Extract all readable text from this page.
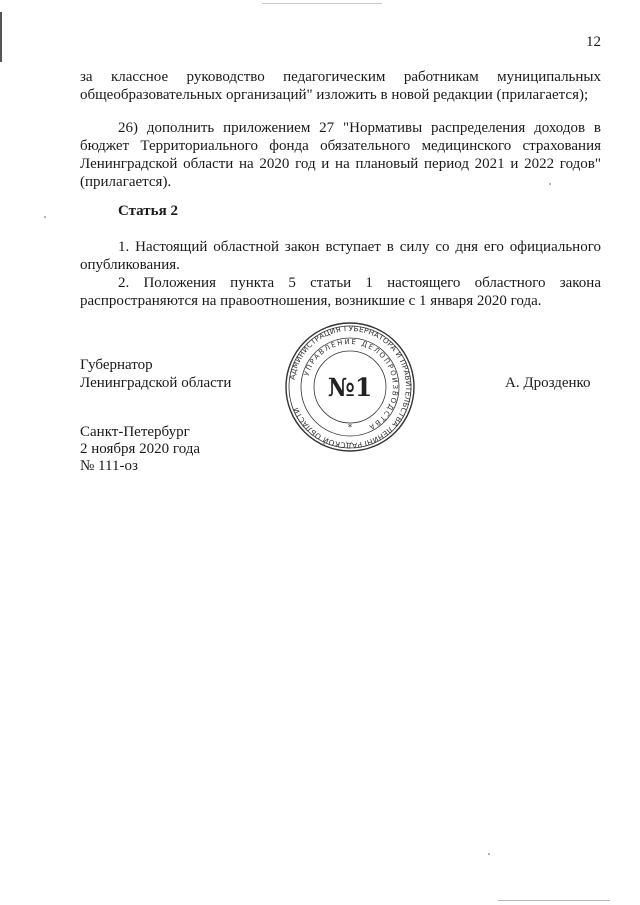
12

за классное руководство педагогическим работникам муниципальных общеобразовательных организаций" изложить в новой редакции (прилагается);

26) дополнить приложением 27 "Нормативы распределения доходов в бюджет Территориального фонда обязательного медицинского страхования Ленинградской области на 2020 год и на плановый период 2021 и 2022 годов" (прилагается).

Статья 2

1. Настоящий областной закон вступает в силу со дня его официального опубликования.

2. Положения пункта 5 статьи 1 настоящего областного закона распространяются на правоотношения, возникшие с 1 января 2020 года.

Губернатор
Ленинградской области	А. Дрозденко
Санкт-Петербург
2 ноября 2020 года
№ 111-оз
АДМИНИСТРАЦИЯ ГУБЕРНАТОРА И ПРАВИТЕЛЬСТВА ЛЕНИНГРАДСКОЙ ОБЛАСТИ
УПРАВЛЕНИЕ ДЕЛОПРОИЗВОДСТВА
№1
*
